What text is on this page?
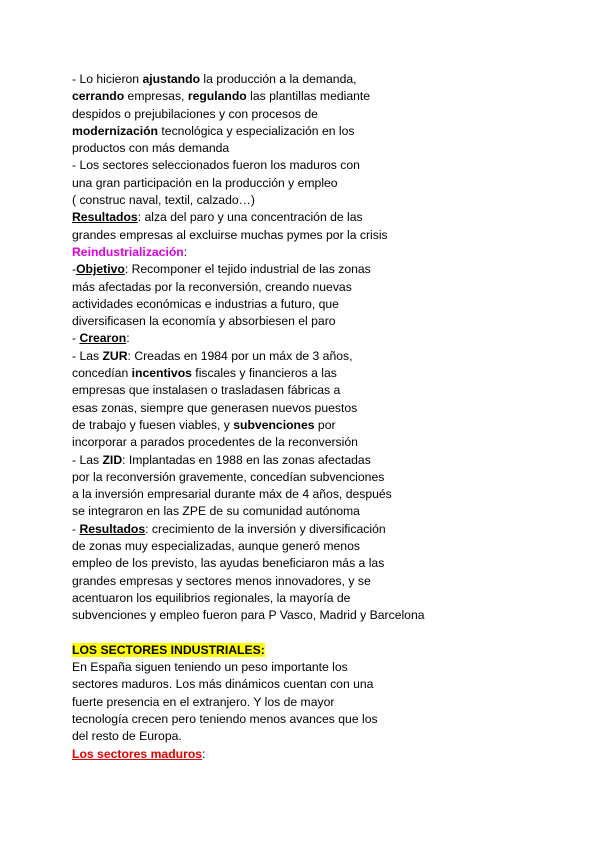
- Lo hicieron ajustando la producción a la demanda,
cerrando empresas, regulando las plantillas mediante
despidos o prejubilaciones y con procesos de
modernización tecnológica y especialización en los
productos con más demanda
- Los sectores seleccionados fueron los maduros con
una gran participación en la producción y empleo
( construc naval, textil, calzado…)
Resultados: alza del paro y una concentración de las
grandes empresas al excluirse muchas pymes por la crisis
Reindustrialización:
-Objetivo: Recomponer el tejido industrial de las zonas
más afectadas por la reconversión, creando nuevas
actividades económicas e industrias a futuro, que
diversificasen la economía y absorbiesen el paro
- Crearon:
- Las ZUR: Creadas en 1984 por un máx de 3 años,
concedían incentivos fiscales y financieros a las
empresas que instalasen o trasladasen fábricas a
esas zonas, siempre que generasen nuevos puestos
de trabajo y fuesen viables, y subvenciones por
incorporar a parados procedentes de la reconversión
- Las ZID: Implantadas en 1988 en las zonas afectadas
por la reconversión gravemente, concedían subvenciones
a la inversión empresarial durante máx de 4 años, después
se integraron en las ZPE de su comunidad autónoma
- Resultados: crecimiento de la inversión y diversificación
de zonas muy especializadas, aunque generó menos
empleo de los previsto, las ayudas beneficiaron más a las
grandes empresas y sectores menos innovadores, y se
acentuaron los equilibrios regionales, la mayoría de
subvenciones y empleo fueron para P Vasco, Madrid y Barcelona
LOS SECTORES INDUSTRIALES:
En España siguen teniendo un peso importante los
sectores maduros. Los más dinámicos cuentan con una
fuerte presencia en el extranjero. Y los de mayor
tecnología crecen pero teniendo menos avances que los
del resto de Europa.
Los sectores maduros:
